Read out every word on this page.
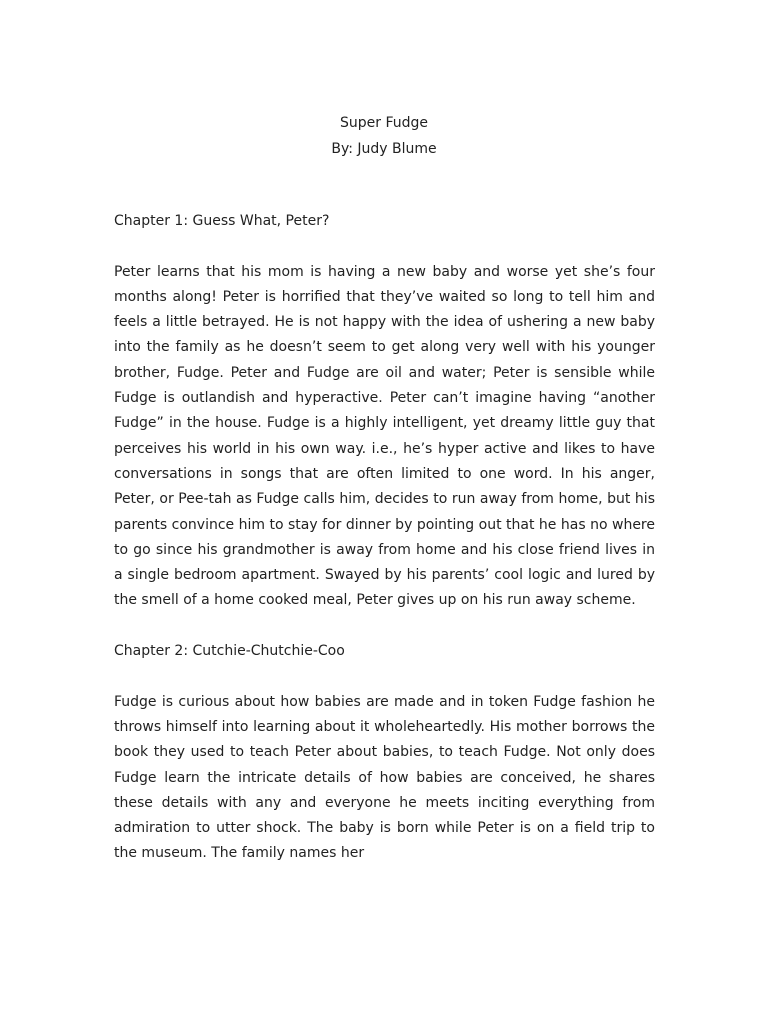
Super Fudge
By: Judy Blume
Chapter 1: Guess What, Peter?
Peter learns that his mom is having a new baby and worse yet she’s four months along! Peter is horrified that they’ve waited so long to tell him and feels a little betrayed. He is not happy with the idea of ushering a new baby into the family as he doesn’t seem to get along very well with his younger brother, Fudge. Peter and Fudge are oil and water; Peter is sensible while Fudge is outlandish and hyperactive. Peter can’t imagine having “another Fudge” in the house. Fudge is a highly intelligent, yet dreamy little guy that perceives his world in his own way. i.e., he’s hyper active and likes to have conversations in songs that are often limited to one word. In his anger, Peter, or Pee-tah as Fudge calls him, decides to run away from home, but his parents convince him to stay for dinner by pointing out that he has no where to go since his grandmother is away from home and his close friend lives in a single bedroom apartment. Swayed by his parents’ cool logic and lured by the smell of a home cooked meal, Peter gives up on his run away scheme.
Chapter 2: Cutchie-Chutchie-Coo
Fudge is curious about how babies are made and in token Fudge fashion he throws himself into learning about it wholeheartedly. His mother borrows the book they used to teach Peter about babies, to teach Fudge. Not only does Fudge learn the intricate details of how babies are conceived, he shares these details with any and everyone he meets inciting everything from admiration to utter shock. The baby is born while Peter is on a field trip to the museum. The family names her
